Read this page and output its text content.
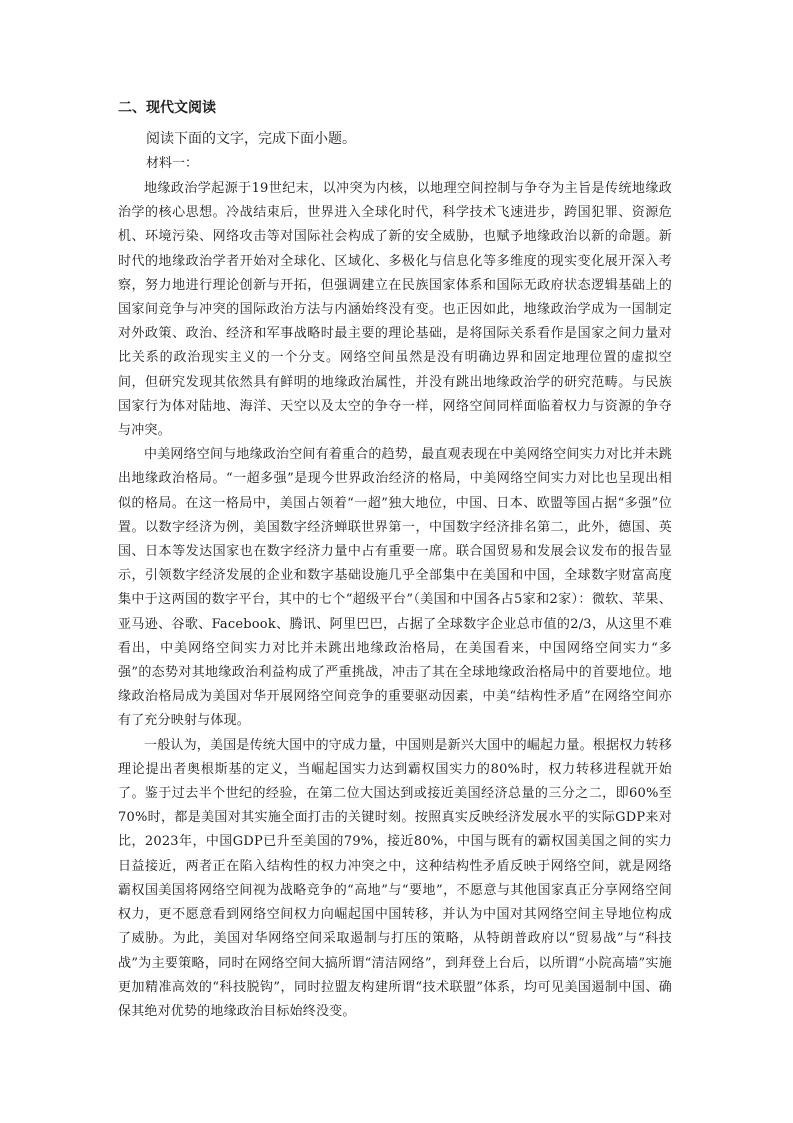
二、现代文阅读

阅读下面的文字，完成下面小题。

材料一：

地缘政治学起源于19世纪末，以冲突为内核，以地理空间控制与争夺为主旨是传统地缘政治学的核心思想。冷战结束后，世界进入全球化时代，科学技术飞速进步，跨国犯罪、资源危机、环境污染、网络攻击等对国际社会构成了新的安全威胁，也赋予地缘政治以新的命题。新时代的地缘政治学者开始对全球化、区域化、多极化与信息化等多维度的现实变化展开深入考察，努力地进行理论创新与开拓，但强调建立在民族国家体系和国际无政府状态逻辑基础上的国家间竞争与冲突的国际政治方法与内涵始终没有变。也正因如此，地缘政治学成为一国制定对外政策、政治、经济和军事战略时最主要的理论基础，是将国际关系看作是国家之间力量对比关系的政治现实主义的一个分支。网络空间虽然是没有明确边界和固定地理位置的虚拟空间，但研究发现其依然具有鲜明的地缘政治属性，并没有跳出地缘政治学的研究范畴。与民族国家行为体对陆地、海洋、天空以及太空的争夺一样，网络空间同样面临着权力与资源的争夺与冲突。

中美网络空间与地缘政治空间有着重合的趋势，最直观表现在中美网络空间实力对比并未跳出地缘政治格局。“一超多强”是现今世界政治经济的格局，中美网络空间实力对比也呈现出相似的格局。在这一格局中，美国占领着“一超”独大地位，中国、日本、欧盟等国占据“多强”位置。以数字经济为例，美国数字经济蝉联世界第一，中国数字经济排名第二，此外，德国、英国、日本等发达国家也在数字经济力量中占有重要一席。联合国贸易和发展会议发布的报告显示，引领数字经济发展的企业和数字基础设施几乎全部集中在美国和中国，全球数字财富高度集中于这两国的数字平台，其中的七个“超级平台”（美国和中国各占5家和2家）：微软、苹果、亚马逊、谷歌、Facebook、腾讯、阿里巴巴，占据了全球数字企业总市值的2/3，从这里不难看出，中美网络空间实力对比并未跳出地缘政治格局，在美国看来，中国网络空间实力“多强”的态势对其地缘政治利益构成了严重挑战，冲击了其在全球地缘政治格局中的首要地位。地缘政治格局成为美国对华开展网络空间竞争的重要驱动因素，中美“结构性矛盾”在网络空间亦有了充分映射与体现。

一般认为，美国是传统大国中的守成力量，中国则是新兴大国中的崛起力量。根据权力转移理论提出者奥根斯基的定义，当崛起国实力达到霸权国实力的80%时，权力转移进程就开始了。鉴于过去半个世纪的经验，在第二位大国达到或接近美国经济总量的三分之二，即60%至70%时，都是美国对其实施全面打击的关键时刻。按照真实反映经济发展水平的实际GDP来对比，2023年，中国GDP已升至美国的79%，接近80%，中国与既有的霸权国美国之间的实力日益接近，两者正在陷入结构性的权力冲突之中，这种结构性矛盾反映于网络空间，就是网络霸权国美国将网络空间视为战略竞争的“高地”与“要地”，不愿意与其他国家真正分享网络空间权力，更不愿意看到网络空间权力向崛起国中国转移，并认为中国对其网络空间主导地位构成了威胁。为此，美国对华网络空间采取遏制与打压的策略，从特朗普政府以“贸易战”与“科技战”为主要策略，同时在网络空间大搞所谓“清洁网络”，到拜登上台后，以所谓“小院高墙”实施更加精准高效的“科技脱钩”，同时拉盟友构建所谓“技术联盟”体系，均可见美国遏制中国、确保其绝对优势的地缘政治目标始终没变。
